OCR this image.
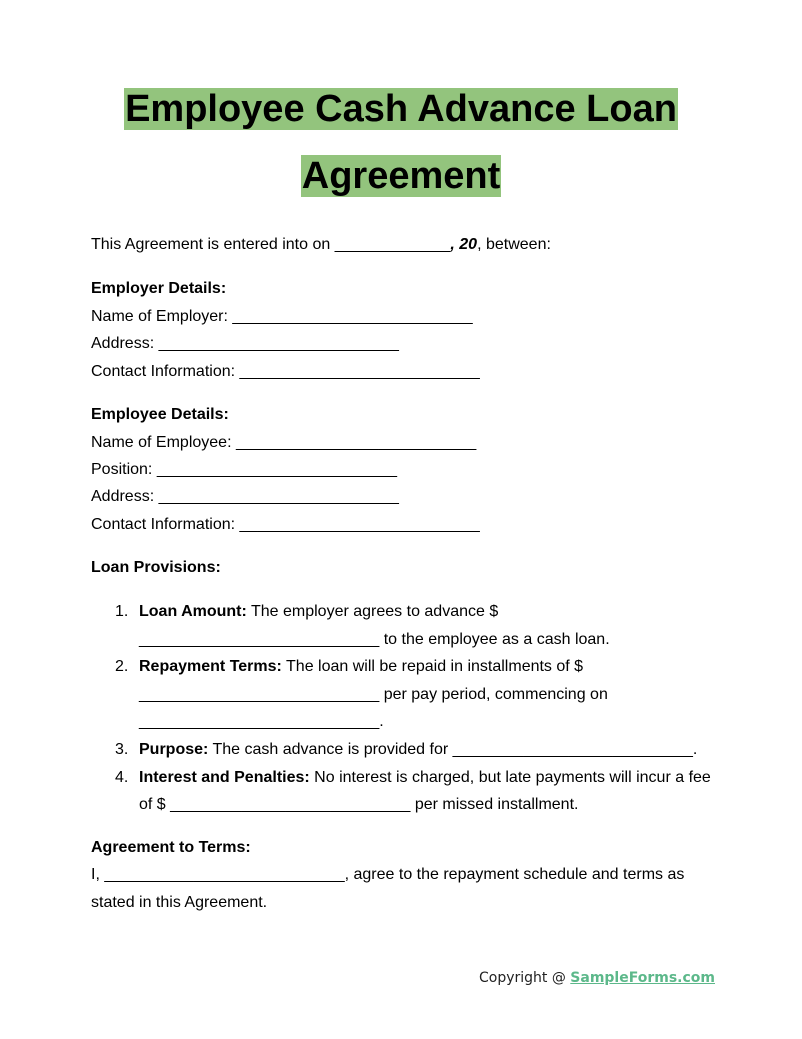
Employee Cash Advance Loan
Agreement
This Agreement is entered into on _____________, 20, between:
Employer Details:
Name of Employer: ___________________________
Address: ___________________________
Contact Information: ___________________________
Employee Details:
Name of Employee: ___________________________
Position: ___________________________
Address: ___________________________
Contact Information: ___________________________
Loan Provisions:
1. Loan Amount: The employer agrees to advance $
___________________________ to the employee as a cash loan.
2. Repayment Terms: The loan will be repaid in installments of $
___________________________ per pay period, commencing on
___________________________.
3. Purpose: The cash advance is provided for ___________________________.
4. Interest and Penalties: No interest is charged, but late payments will incur a fee
of $ ___________________________ per missed installment.
Agreement to Terms:
I, ___________________________, agree to the repayment schedule and terms as
stated in this Agreement.
Copyright @ SampleForms.com
